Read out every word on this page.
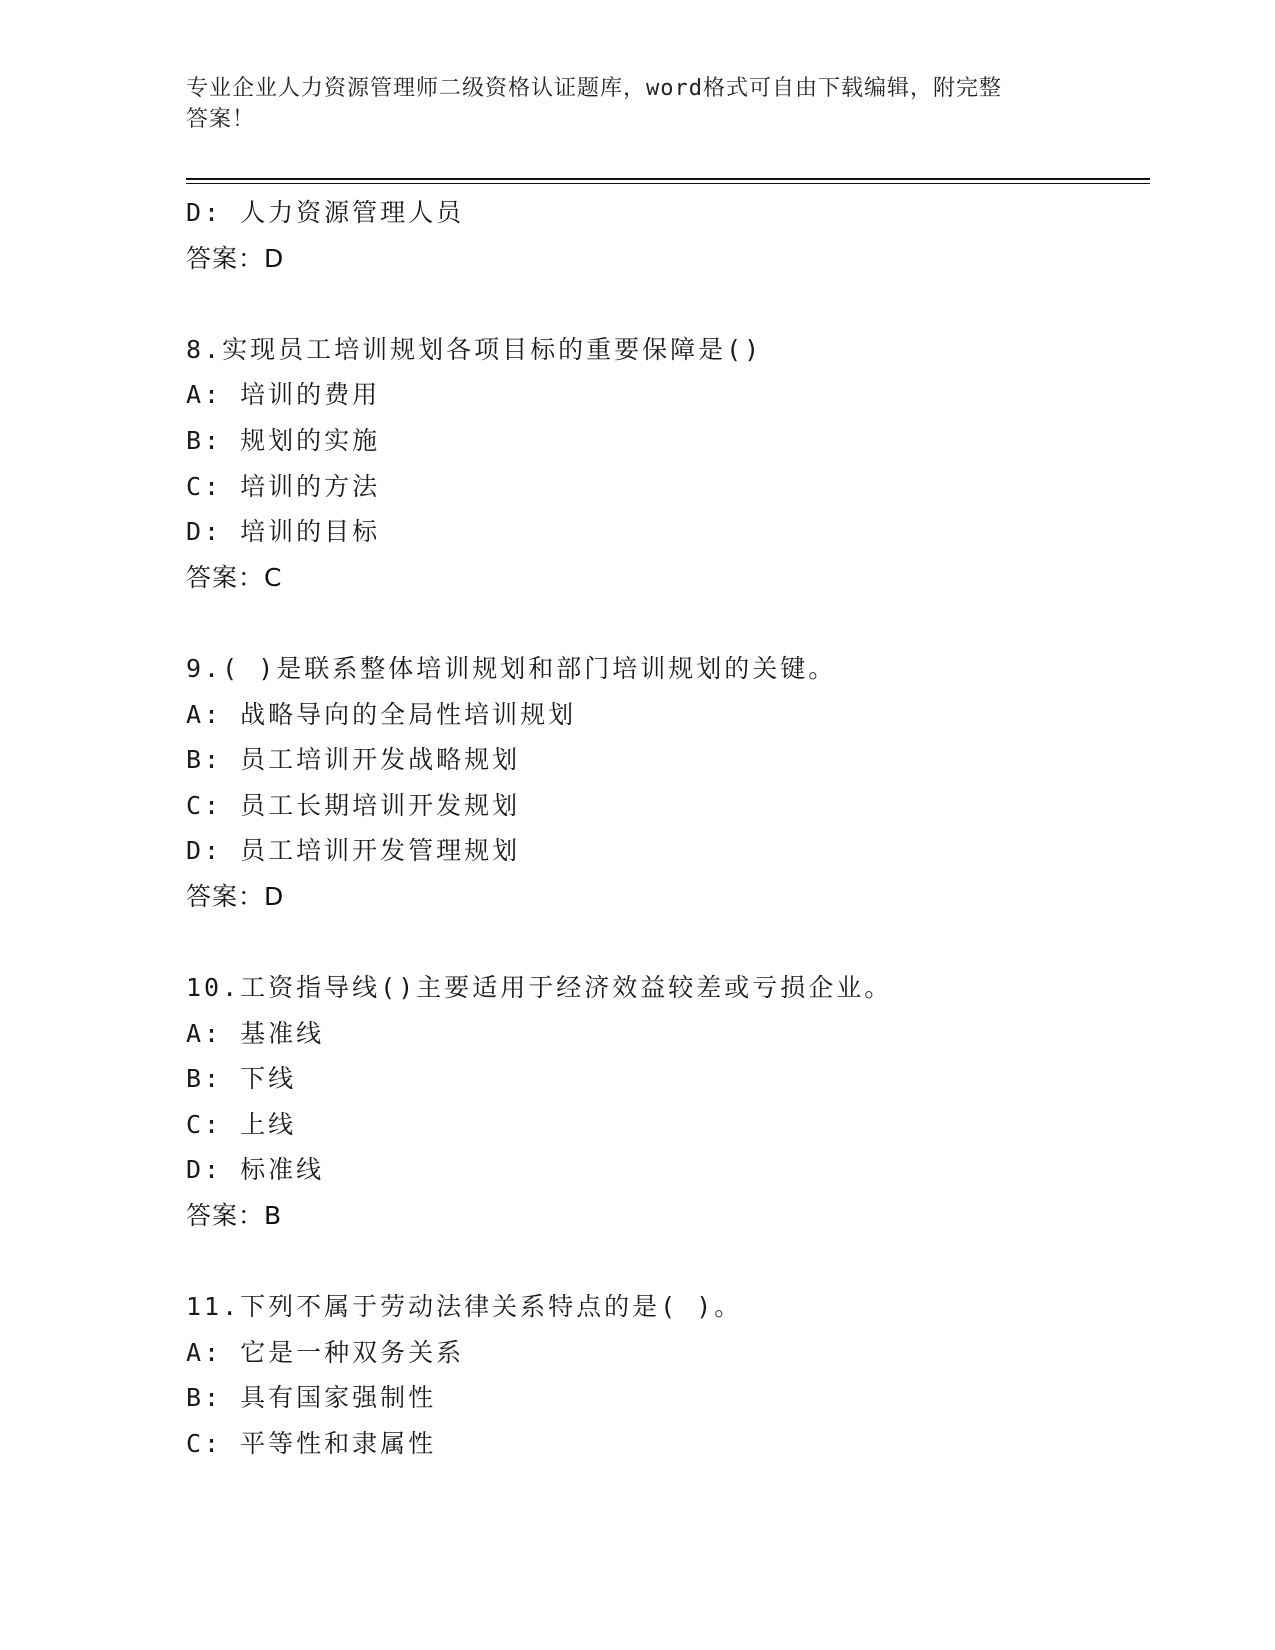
专业企业人力资源管理师二级资格认证题库，word格式可自由下载编辑，附完整
答案！
D: 人力资源管理人员
答案：D
8.实现员工培训规划各项目标的重要保障是()
A: 培训的费用
B: 规划的实施
C: 培训的方法
D: 培训的目标
答案：C
9.( )是联系整体培训规划和部门培训规划的关键。
A: 战略导向的全局性培训规划
B: 员工培训开发战略规划
C: 员工长期培训开发规划
D: 员工培训开发管理规划
答案：D
10.工资指导线()主要适用于经济效益较差或亏损企业。
A: 基准线
B: 下线
C: 上线
D: 标准线
答案：B
11.下列不属于劳动法律关系特点的是( )。
A: 它是一种双务关系
B: 具有国家强制性
C: 平等性和隶属性
